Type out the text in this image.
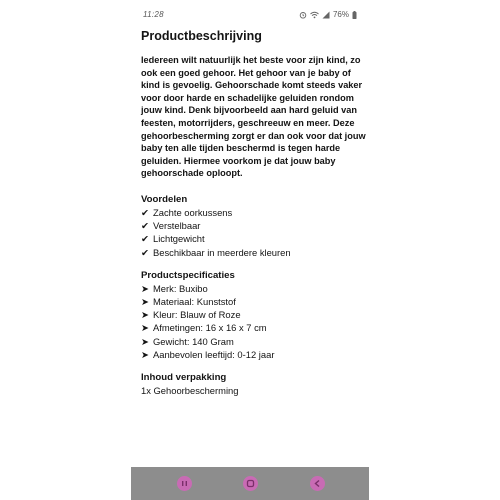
11:28	76%
Productbeschrijving

Iedereen wilt natuurlijk het beste voor zijn kind, zo ook een goed gehoor. Het gehoor van je baby of kind is gevoelig. Gehoorschade komt steeds vaker voor door harde en schadelijke geluiden rondom jouw kind. Denk bijvoorbeeld aan hard geluid van feesten, motorrijders, geschreeuw en meer. Deze gehoorbescherming zorgt er dan ook voor dat jouw baby ten alle tijden beschermd is tegen harde geluiden. Hiermee voorkom je dat jouw baby gehoorschade oploopt.

Voordelen

✔ Zachte oorkussens
✔ Verstelbaar
✔ Lichtgewicht
✔ Beschikbaar in meerdere kleuren

Productspecificaties

➤ Merk: Buxibo
➤ Materiaal: Kunststof
➤ Kleur: Blauw of Roze
➤ Afmetingen: 16 x 16 x 7 cm
➤ Gewicht: 140 Gram
➤ Aanbevolen leeftijd: 0-12 jaar

Inhoud verpakking

1x Gehoorbescherming
